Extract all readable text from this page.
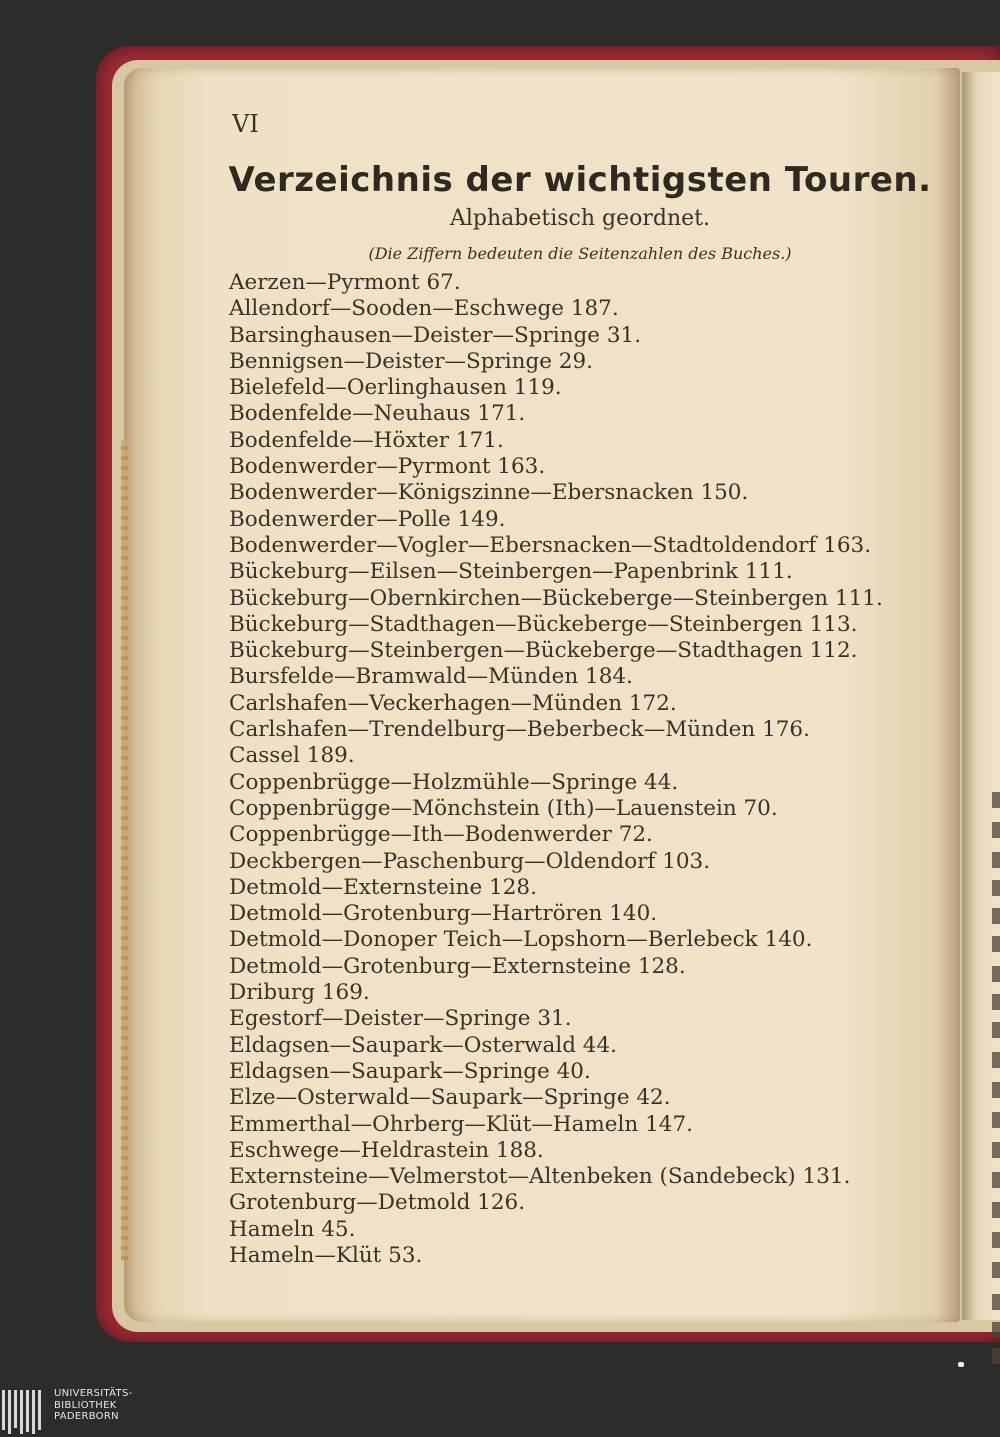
VI
Verzeichnis der wichtigsten Touren.
Alphabetisch geordnet.
(Die Ziffern bedeuten die Seitenzahlen des Buches.)
Aerzen—Pyrmont 67.
Allendorf—Sooden—Eschwege 187.
Barsinghausen—Deister—Springe 31.
Bennigsen—Deister—Springe 29.
Bielefeld—Oerlinghausen 119.
Bodenfelde—Neuhaus 171.
Bodenfelde—Höxter 171.
Bodenwerder—Pyrmont 163.
Bodenwerder—Königszinne—Ebersnacken 150.
Bodenwerder—Polle 149.
Bodenwerder—Vogler—Ebersnacken—Stadtoldendorf 163.
Bückeburg—Eilsen—Steinbergen—Papenbrink 111.
Bückeburg—Obernkirchen—Bückeberge—Steinbergen 111.
Bückeburg—Stadthagen—Bückeberge—Steinbergen 113.
Bückeburg—Steinbergen—Bückeberge—Stadthagen 112.
Bursfelde—Bramwald—Münden 184.
Carlshafen—Veckerhagen—Münden 172.
Carlshafen—Trendelburg—Beberbeck—Münden 176.
Cassel 189.
Coppenbrügge—Holzmühle—Springe 44.
Coppenbrügge—Mönchstein (Ith)—Lauenstein 70.
Coppenbrügge—Ith—Bodenwerder 72.
Deckbergen—Paschenburg—Oldendorf 103.
Detmold—Externsteine 128.
Detmold—Grotenburg—Hartrören 140.
Detmold—Donoper Teich—Lopshorn—Berlebeck 140.
Detmold—Grotenburg—Externsteine 128.
Driburg 169.
Egestorf—Deister—Springe 31.
Eldagsen—Saupark—Osterwald 44.
Eldagsen—Saupark—Springe 40.
Elze—Osterwald—Saupark—Springe 42.
Emmerthal—Ohrberg—Klüt—Hameln 147.
Eschwege—Heldrastein 188.
Externsteine—Velmerstot—Altenbeken (Sandebeck) 131.
Grotenburg—Detmold 126.
Hameln 45.
Hameln—Klüt 53.
UNIVERSITÄTS-
BIBLIOTHEK
PADERBORN
